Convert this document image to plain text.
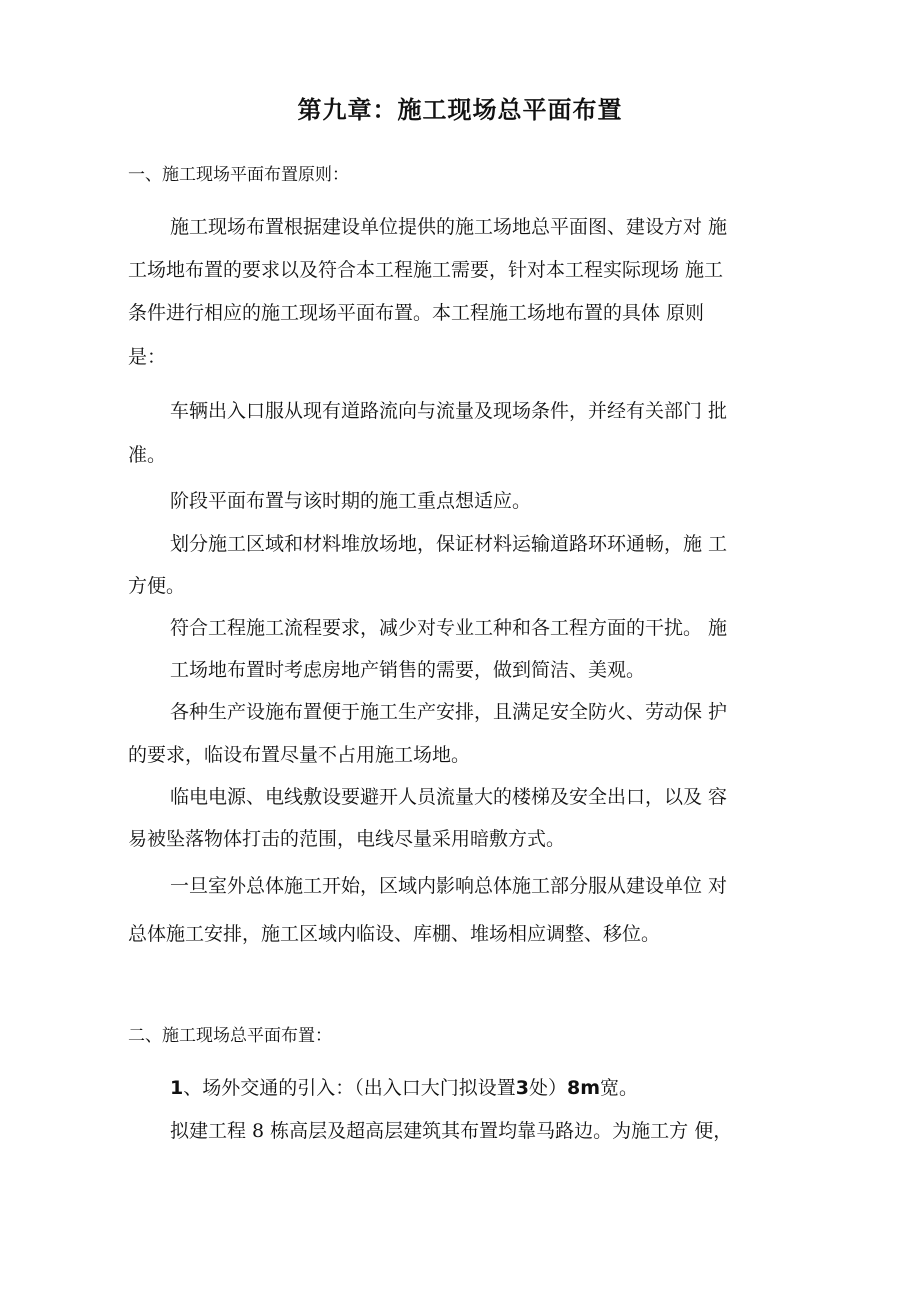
第九章：施工现场总平面布置

一、施工现场平面布置原则：

施工现场布置根据建设单位提供的施工场地总平面图、建设方对 施

工场地布置的要求以及符合本工程施工需要，针对本工程实际现场 施工

条件进行相应的施工现场平面布置。本工程施工场地布置的具体 原则

是：

车辆出入口服从现有道路流向与流量及现场条件，并经有关部门 批

准。

阶段平面布置与该时期的施工重点想适应。

划分施工区域和材料堆放场地，保证材料运输道路环环通畅，施 工

方便。

符合工程施工流程要求，减少对专业工种和各工程方面的干扰。 施

工场地布置时考虑房地产销售的需要，做到简洁、美观。

各种生产设施布置便于施工生产安排，且满足安全防火、劳动保 护

的要求，临设布置尽量不占用施工场地。

临电电源、电线敷设要避开人员流量大的楼梯及安全出口，以及 容

易被坠落物体打击的范围，电线尽量采用暗敷方式。

一旦室外总体施工开始，区域内影响总体施工部分服从建设单位 对

总体施工安排，施工区域内临设、库棚、堆场相应调整、移位。

二、施工现场总平面布置：

1、场外交通的引入：（出入口大门拟设置3处）8m宽。

拟建工程 8 栋高层及超高层建筑其布置均靠马路边。为施工方 便，
